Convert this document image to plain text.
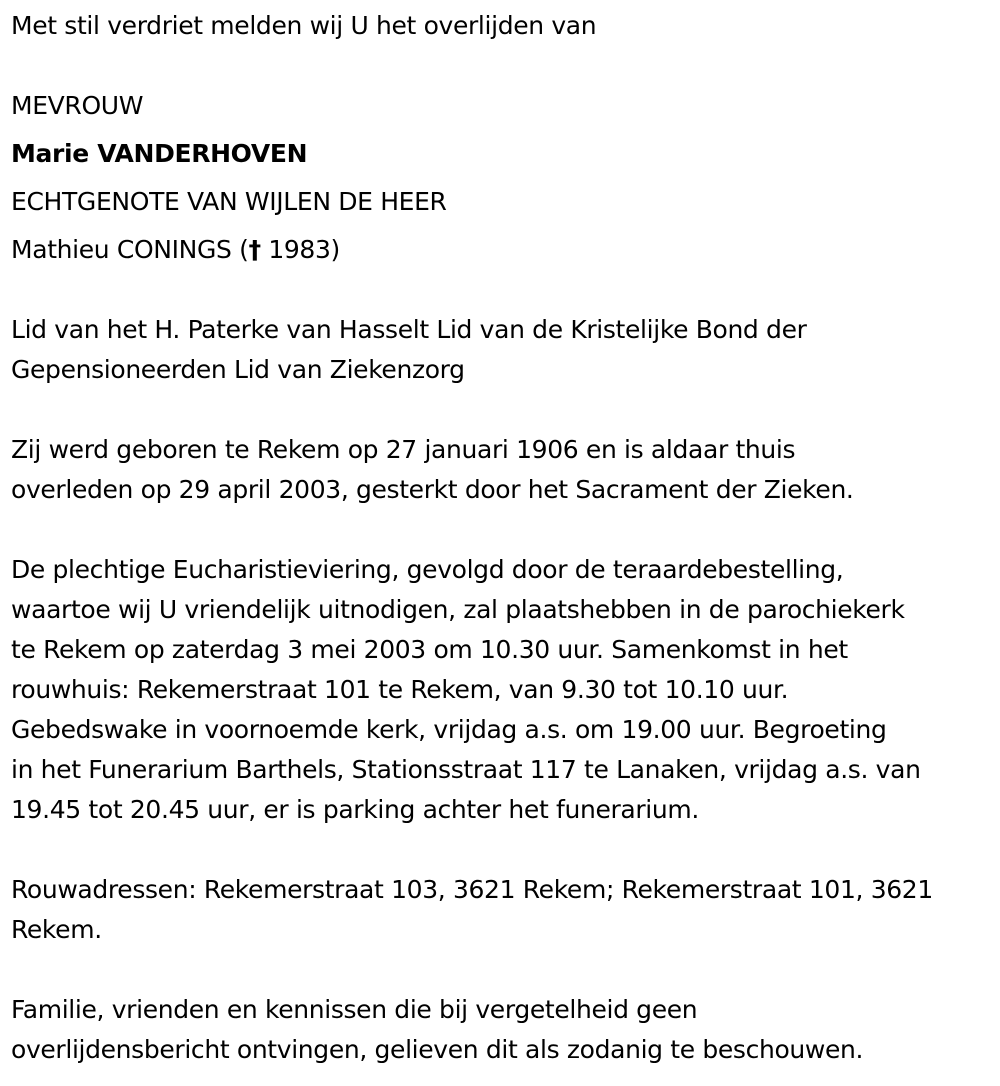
Met stil verdriet melden wij U het overlijden van

MEVROUW

Marie VANDERHOVEN

ECHTGENOTE VAN WIJLEN DE HEER

Mathieu CONINGS († 1983)

Lid van het H. Paterke van Hasselt Lid van de Kristelijke Bond der

Gepensioneerden Lid van Ziekenzorg

Zij werd geboren te Rekem op 27 januari 1906 en is aldaar thuis

overleden op 29 april 2003, gesterkt door het Sacrament der Zieken.

De plechtige Eucharistieviering, gevolgd door de teraardebestelling,

waartoe wij U vriendelijk uitnodigen, zal plaatshebben in de parochiekerk

te Rekem op zaterdag 3 mei 2003 om 10.30 uur. Samenkomst in het

rouwhuis: Rekemerstraat 101 te Rekem, van 9.30 tot 10.10 uur.

Gebedswake in voornoemde kerk, vrijdag a.s. om 19.00 uur. Begroeting

in het Funerarium Barthels, Stationsstraat 117 te Lanaken, vrijdag a.s. van

19.45 tot 20.45 uur, er is parking achter het funerarium.

Rouwadressen: Rekemerstraat 103, 3621 Rekem; Rekemerstraat 101, 3621

Rekem.

Familie, vrienden en kennissen die bij vergetelheid geen

overlijdensbericht ontvingen, gelieven dit als zodanig te beschouwen.
